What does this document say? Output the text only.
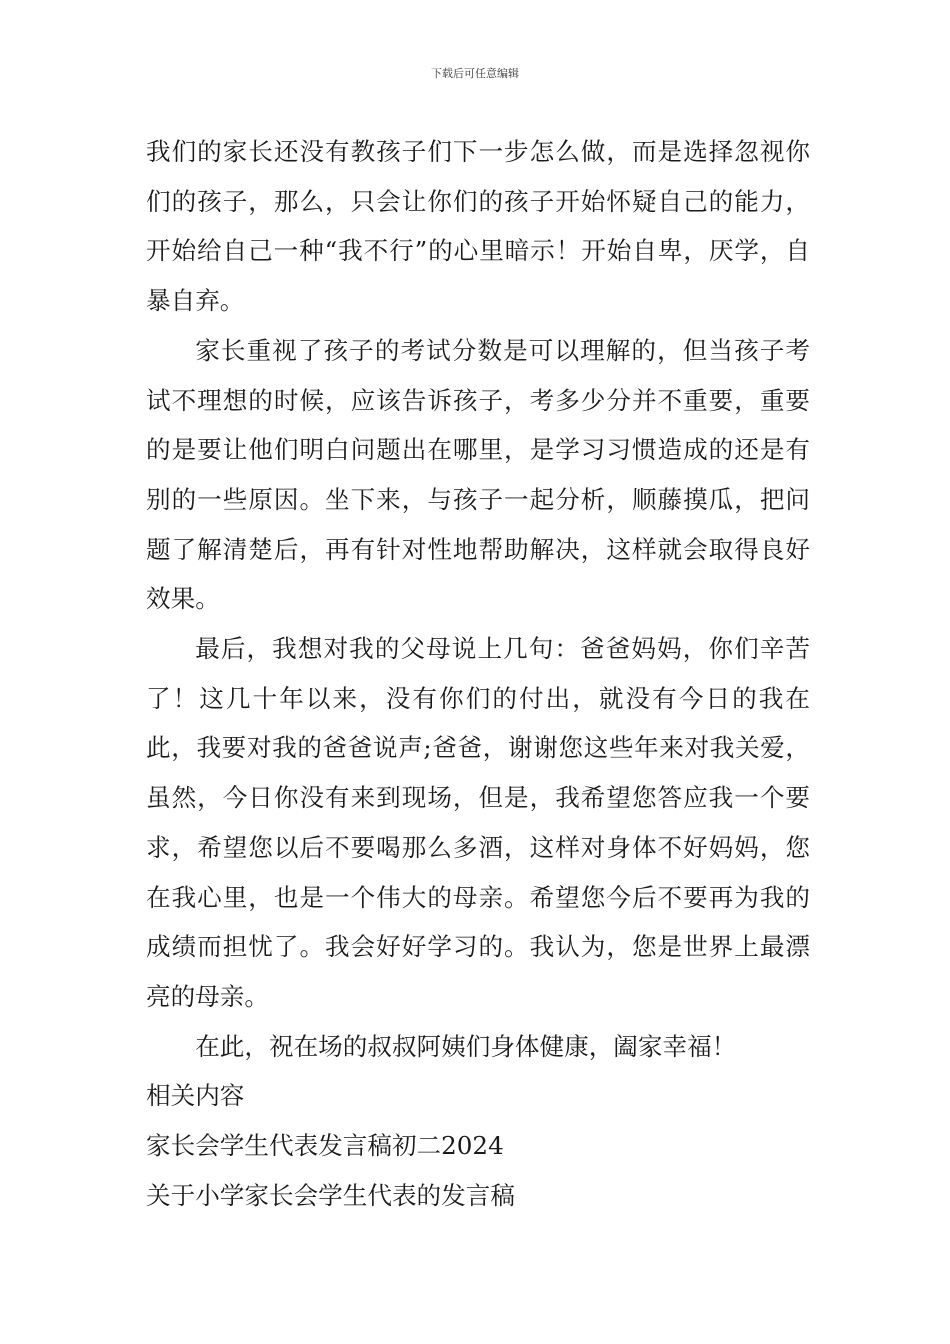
下载后可任意编辑

我们的家长还没有教孩子们下一步怎么做，而是选择忽视你们的孩子，那么，只会让你们的孩子开始怀疑自己的能力，开始给自己一种“我不行”的心里暗示！开始自卑，厌学，自暴自弃。

家长重视了孩子的考试分数是可以理解的，但当孩子考试不理想的时候，应该告诉孩子，考多少分并不重要，重要的是要让他们明白问题出在哪里，是学习习惯造成的还是有别的一些原因。坐下来，与孩子一起分析，顺藤摸瓜，把问题了解清楚后，再有针对性地帮助解决，这样就会取得良好效果。

最后，我想对我的父母说上几句：爸爸妈妈，你们辛苦了！这几十年以来，没有你们的付出，就没有今日的我在此，我要对我的爸爸说声;爸爸，谢谢您这些年来对我关爱，虽然，今日你没有来到现场，但是，我希望您答应我一个要求，希望您以后不要喝那么多酒，这样对身体不好妈妈，您在我心里，也是一个伟大的母亲。希望您今后不要再为我的成绩而担忧了。我会好好学习的。我认为，您是世界上最漂亮的母亲。

在此，祝在场的叔叔阿姨们身体健康，阖家幸福！

相关内容

家长会学生代表发言稿初二2024

关于小学家长会学生代表的发言稿
